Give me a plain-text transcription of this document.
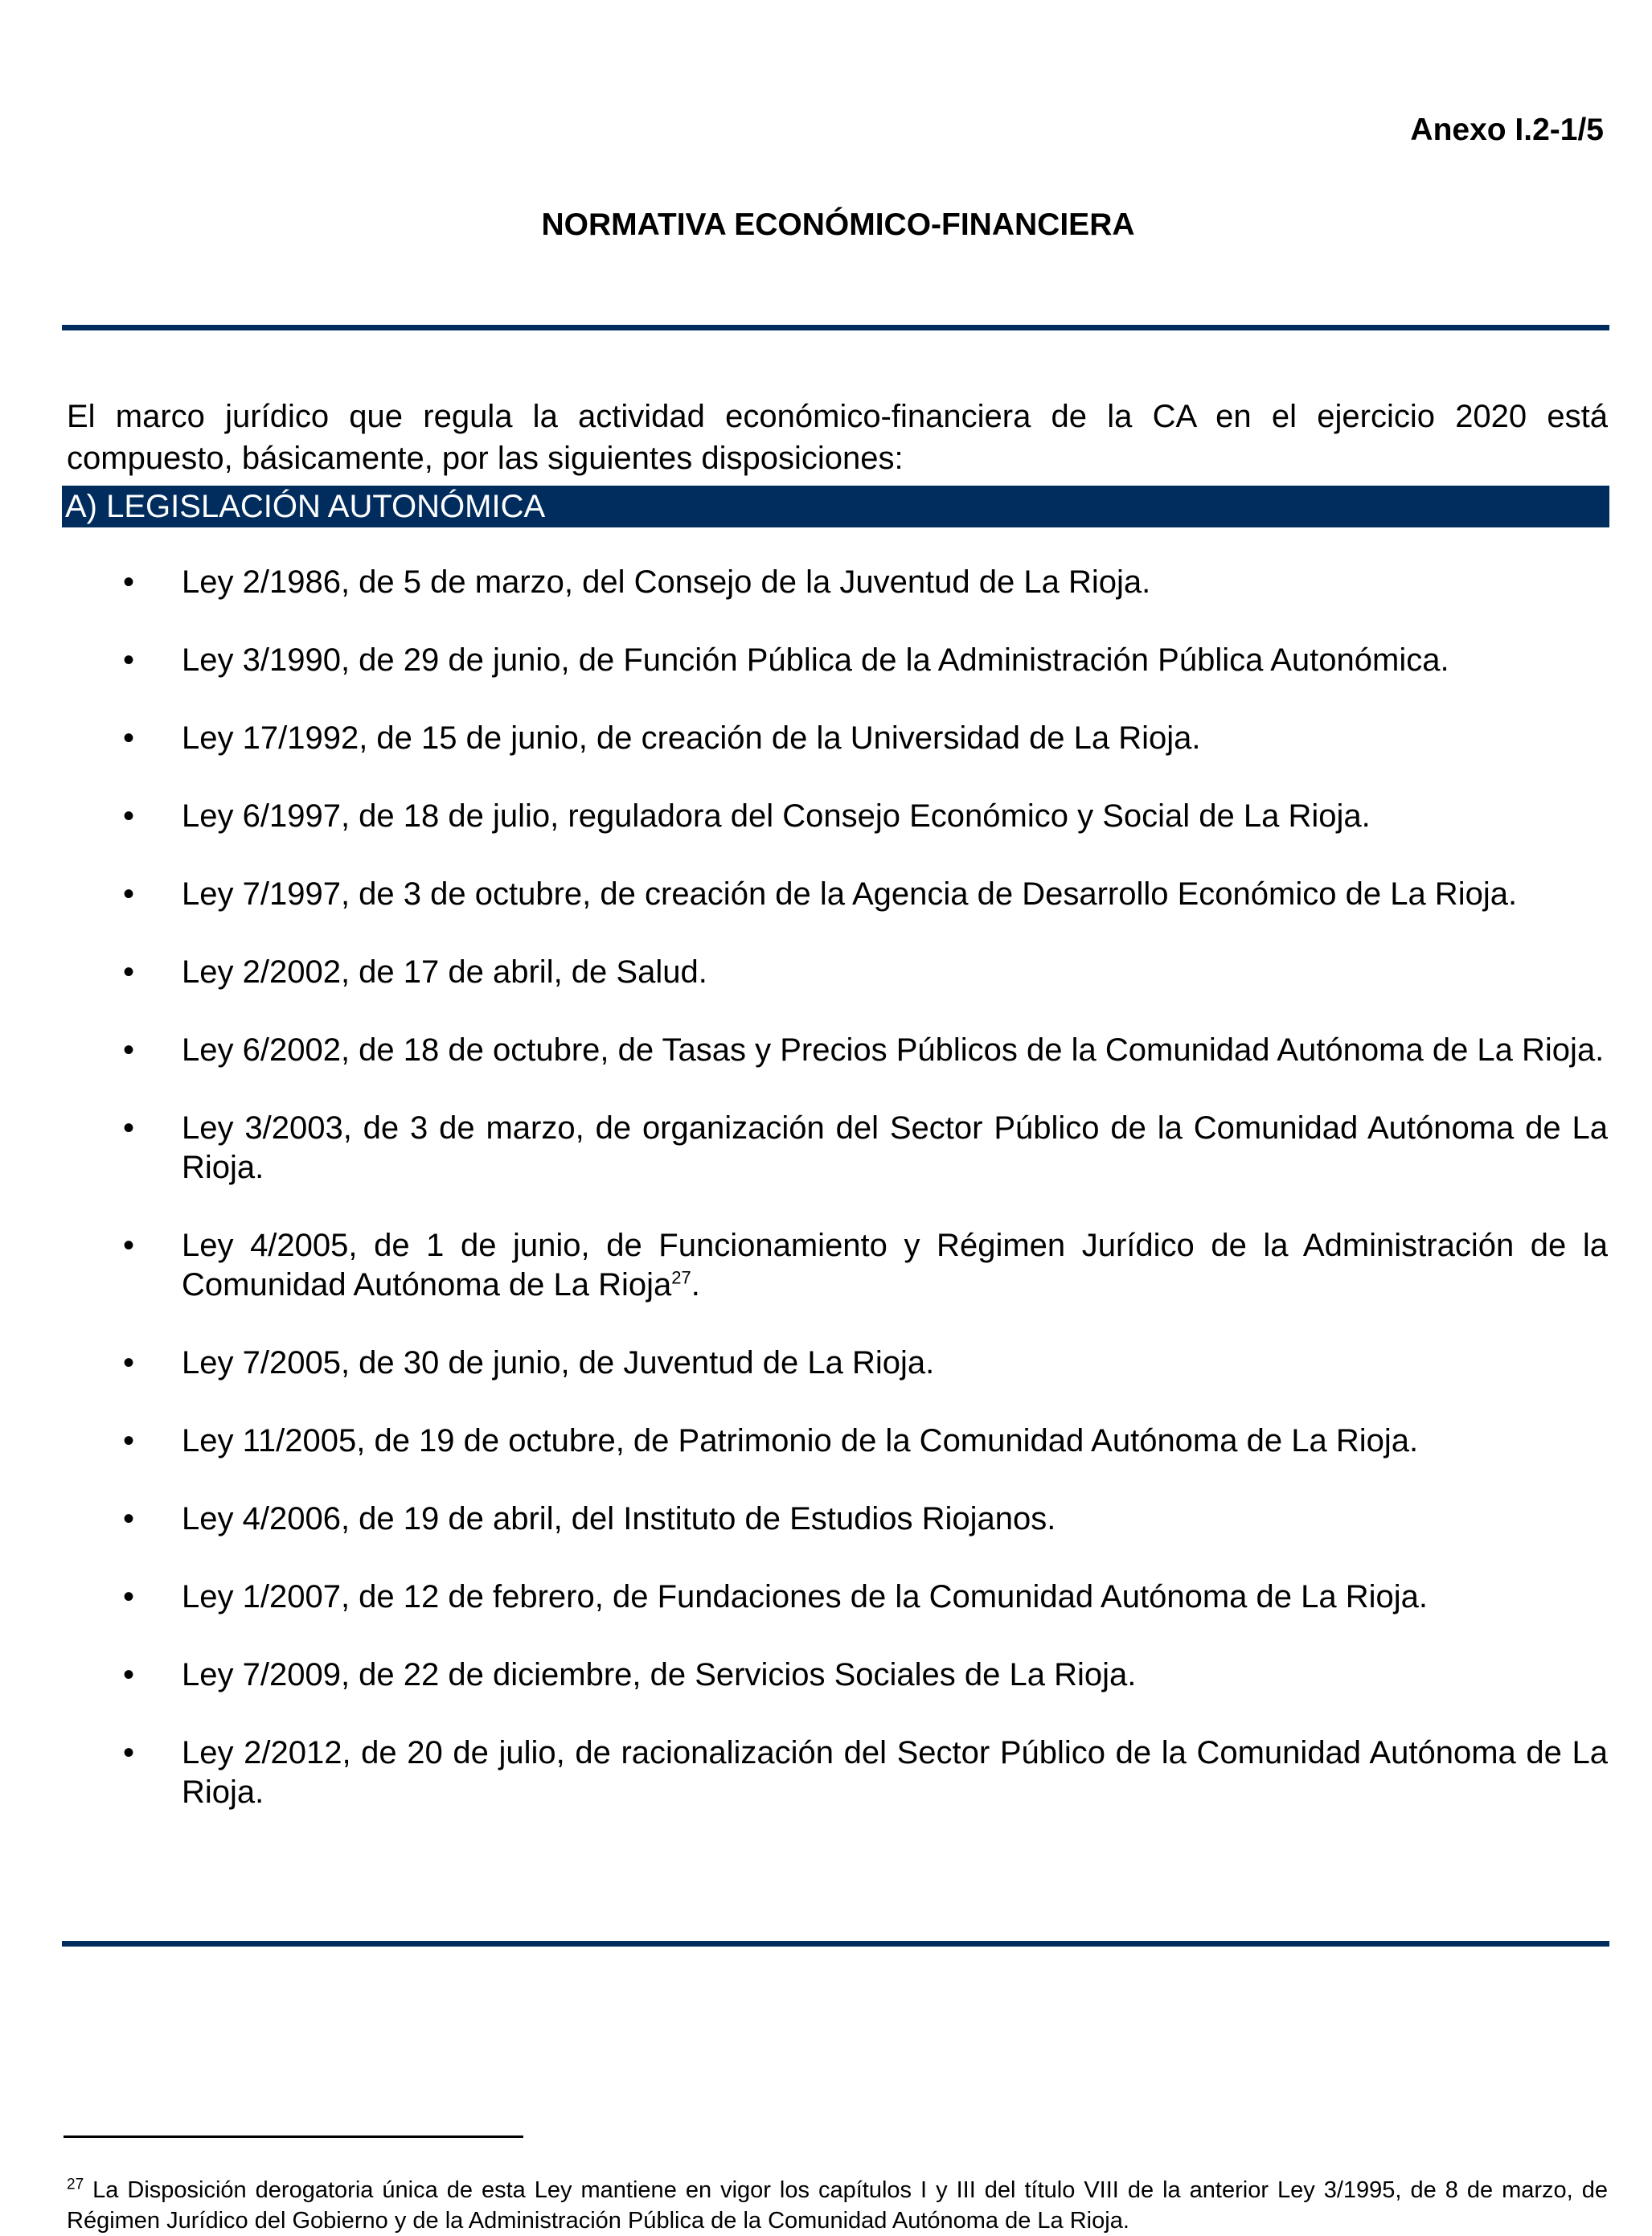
Anexo I.2-1/5
NORMATIVA ECONÓMICO-FINANCIERA

El marco jurídico que regula la actividad económico-financiera de la CA en el ejercicio 2020 está compuesto, básicamente, por las siguientes disposiciones:

A) LEGISLACIÓN AUTONÓMICA
• Ley 2/1986, de 5 de marzo, del Consejo de la Juventud de La Rioja.
• Ley 3/1990, de 29 de junio, de Función Pública de la Administración Pública Autonómica.
• Ley 17/1992, de 15 de junio, de creación de la Universidad de La Rioja.
• Ley 6/1997, de 18 de julio, reguladora del Consejo Económico y Social de La Rioja.
• Ley 7/1997, de 3 de octubre, de creación de la Agencia de Desarrollo Económico de La Rioja.
• Ley 2/2002, de 17 de abril, de Salud.
• Ley 6/2002, de 18 de octubre, de Tasas y Precios Públicos de la Comunidad Autónoma de La Rioja.
• Ley 3/2003, de 3 de marzo, de organización del Sector Público de la Comunidad Autónoma de La Rioja.
• Ley 4/2005, de 1 de junio, de Funcionamiento y Régimen Jurídico de la Administración de la Comunidad Autónoma de La Rioja$^{27}$.
• Ley 7/2005, de 30 de junio, de Juventud de La Rioja.
• Ley 11/2005, de 19 de octubre, de Patrimonio de la Comunidad Autónoma de La Rioja.
• Ley 4/2006, de 19 de abril, del Instituto de Estudios Riojanos.
• Ley 1/2007, de 12 de febrero, de Fundaciones de la Comunidad Autónoma de La Rioja.
• Ley 7/2009, de 22 de diciembre, de Servicios Sociales de La Rioja.
• Ley 2/2012, de 20 de julio, de racionalización del Sector Público de la Comunidad Autónoma de La Rioja.

$^{27}$ La Disposición derogatoria única de esta Ley mantiene en vigor los capítulos I y III del título VIII de la anterior Ley 3/1995, de 8 de marzo, de Régimen Jurídico del Gobierno y de la Administración Pública de la Comunidad Autónoma de La Rioja.
